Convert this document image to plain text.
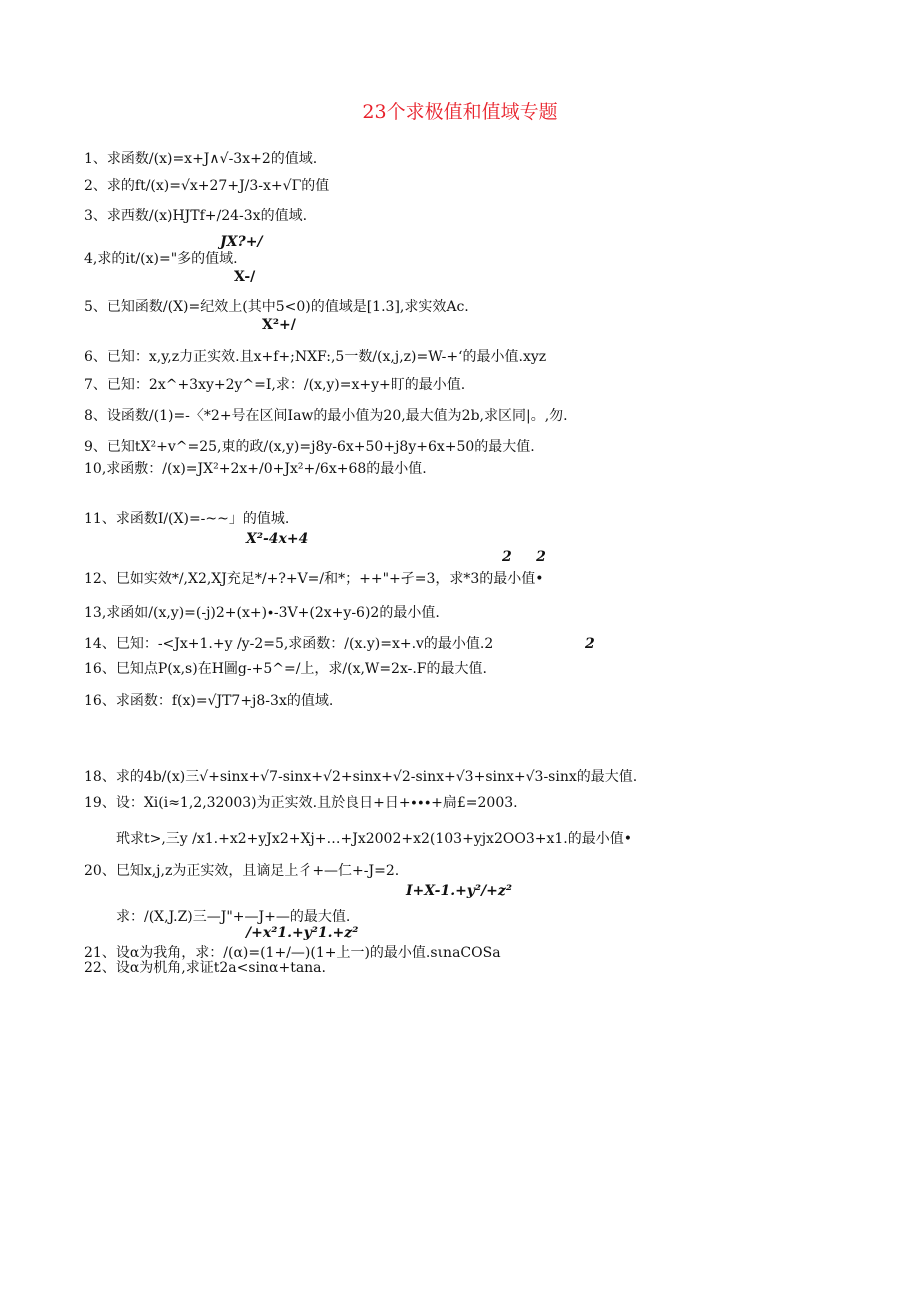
23个求极值和值域专题
1、求函数/(x)=x+J∧√-3x+2的值域.
2、求的ft/(x)=√x+27+J/3-x+√Γ的值
3、求西数/(x)HJTf+∕24-3x的值域.
JX?+/
4,求的it/(x)="多的值域.
X-/
5、已知函数/(X)=纪效上(其中5<0)的值域是[1.3],求实效Ac.
X²+/
6、已知：x,y,z力正实效.且x+f+;NXF:,5一数/(x,j,z)=W-+‘的最小值.xyz
7、已知：2x^+3xy+2y^=I,求：/(x,y)=x+y+盯的最小值.
8、设函数/(1)=-〈*2+号在区间Iaw的最小值为20,最大值为2b,求区同|。,勿.
9、已知tX²+v^=25,東的政/(x,y)=j8y-6x+50+j8y+6x+50的最大值.
10,求函敷：/(x)=JX²+2x+/0+Jx²+∕6x+68的最小值.
11、求函数I/(X)=-~~」的值城.
X²-4x+4
2     2
12、巳如实效*/,X2,XJ充足*/+?+V=/和*；++"+孑=3，求*3的最小值•
13,求函如/(x,y)=(-j)2+(x+)∙-3V+(2x+y-6)2的最小值.
14、巳知：-<Jx+1.+y /y-2=5,求函数：/(x.y)=x+.v的最小值.2	2
16、巳知点P(x,s)在H圖g-+5^=/上，求/(x,W=2x-.F的最大值.
16、求函数：f(x)=√JT7+j8-3x的值域.
18、求的4b/(x)三√+sinx+√7-sinx+√2+sinx+√2-sinx+√3+sinx+√3-sinx的最大值.
19、设：Xi(i≈1,2,32003)为正实效.且於良日+日+∙∙∙+扃£=2003.
玳求t>,三y /x1.+x2+yJx2+Xj+…+Jx2002+x2(103+yjx2OO3+x1.的最小值•
20、巳知x,j,z为正实效，且谪足上彳+—仁+-J=2.
I+X-1.+y²/+z²
求：/(X,J.Z)三—J"+—J+—的最大值.
/+x²1.+y²1.+z²
21、设α为我角，求：/(α)=(1+/—)(1+上一)的最小值.sιnaCOSa
22、设α为机角,求证t2a<sinα+tana.
